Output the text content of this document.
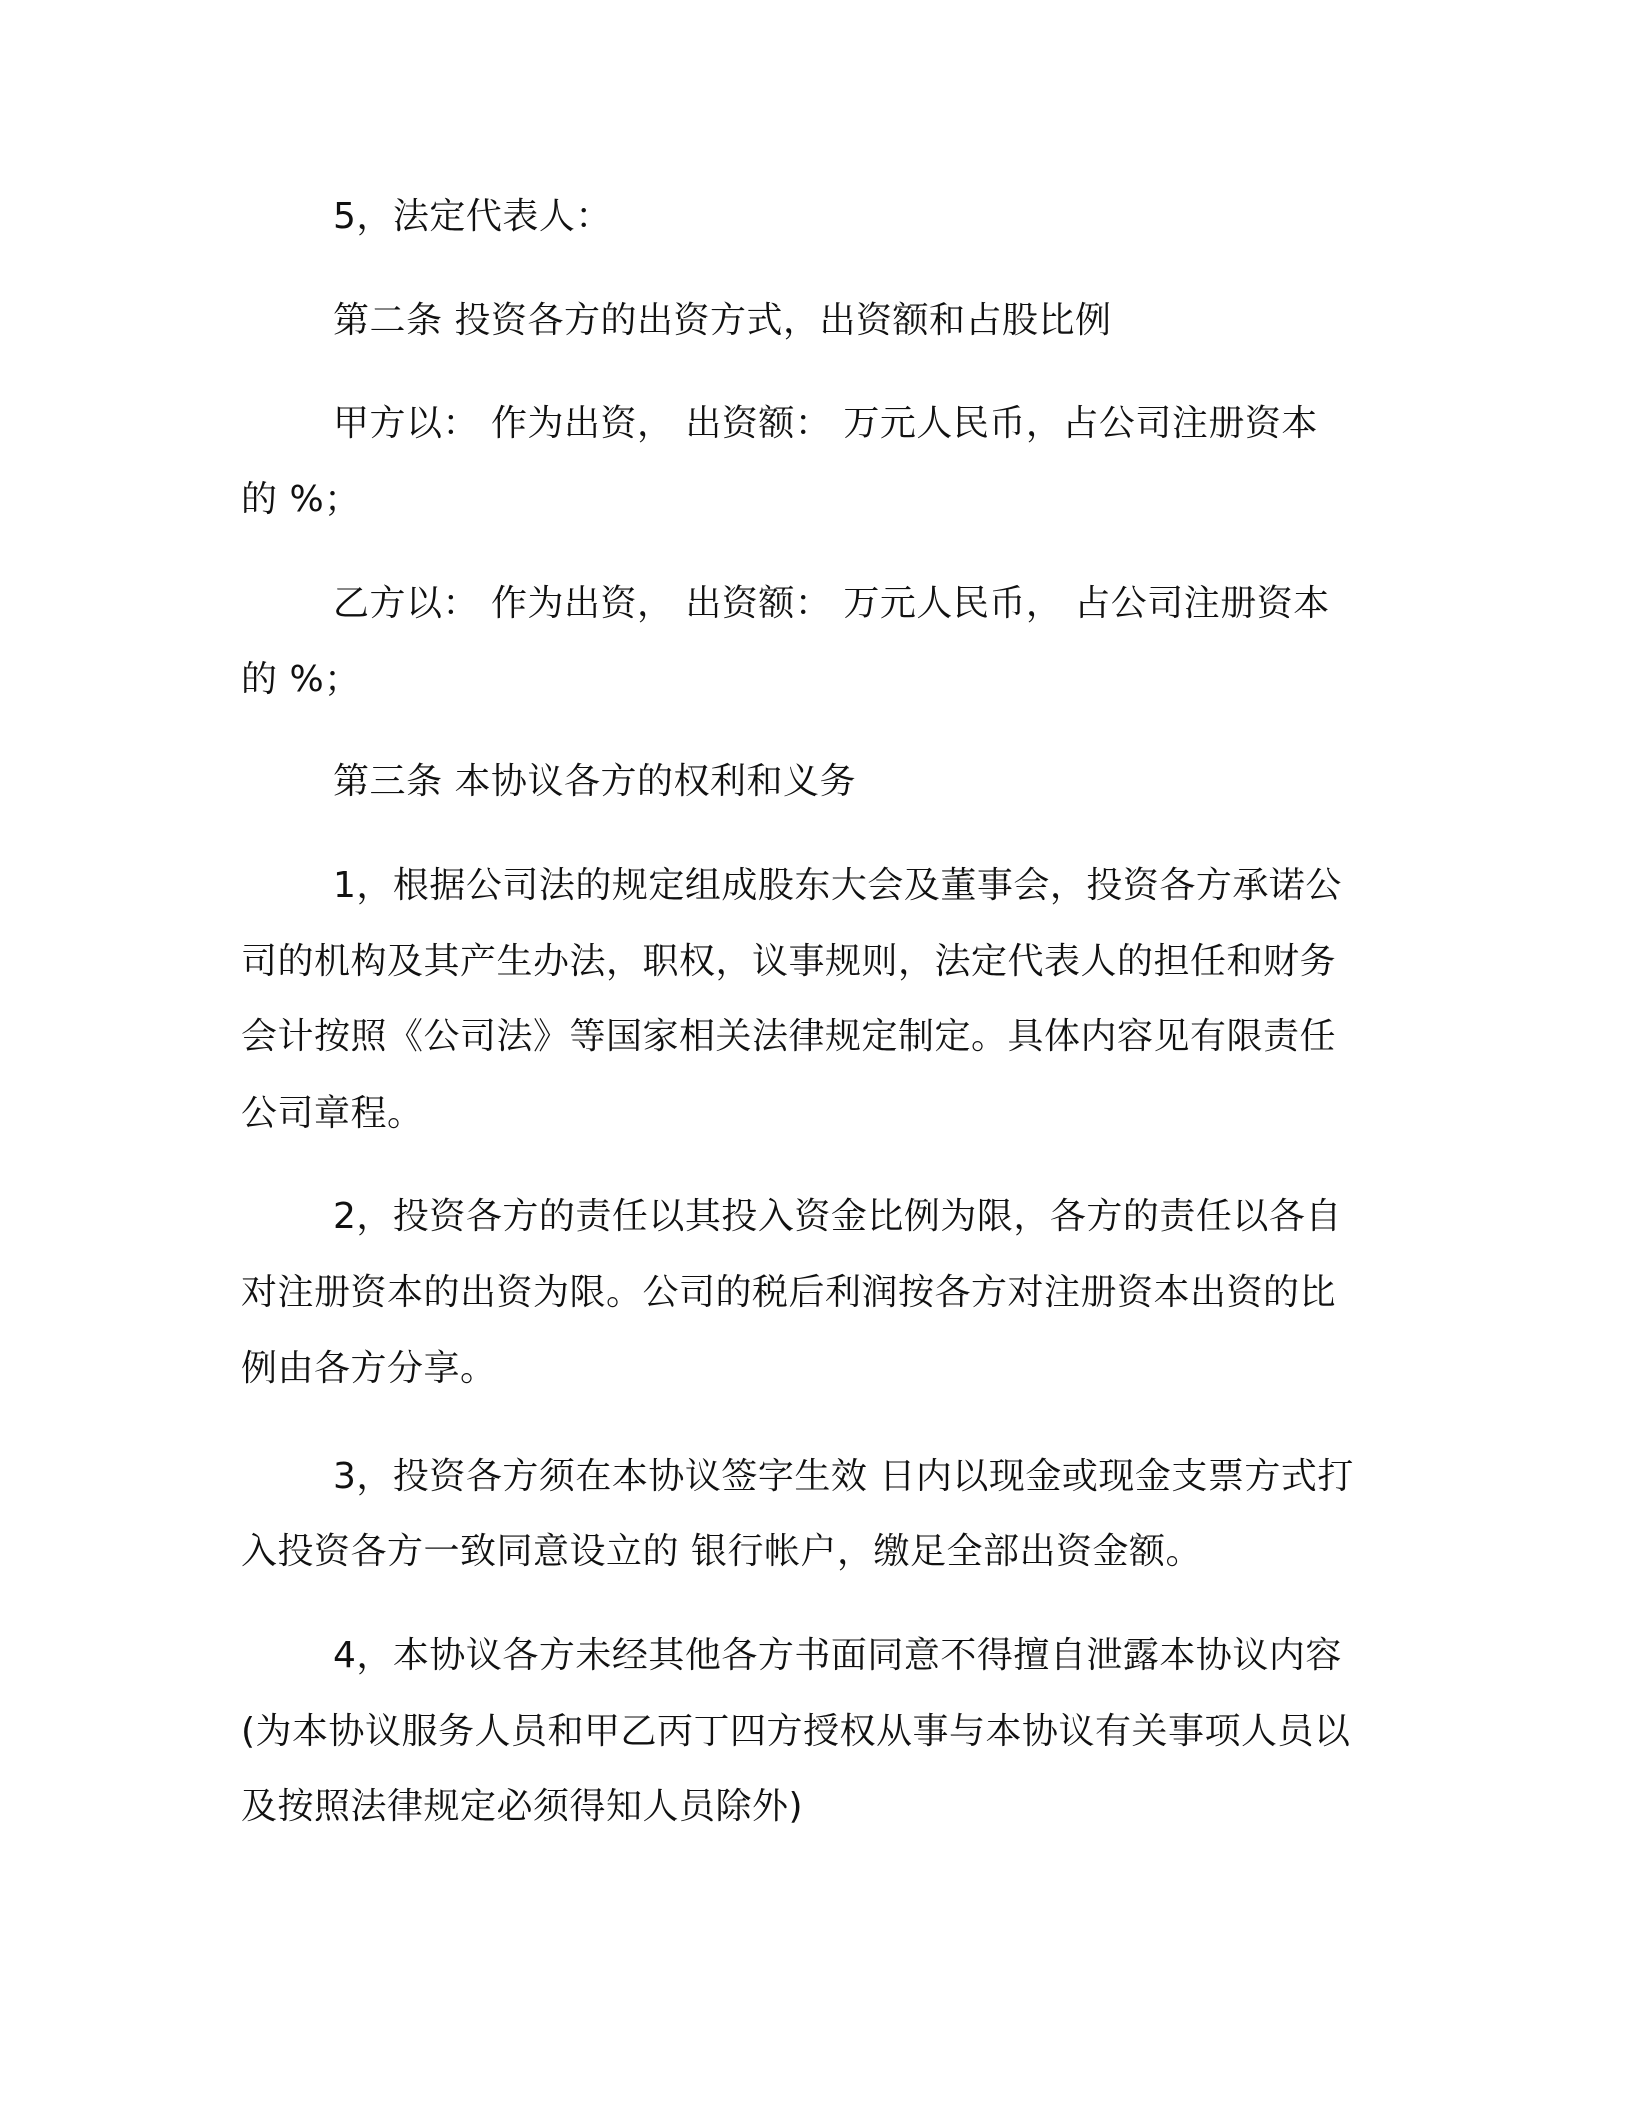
5，法定代表人：

第二条 投资各方的出资方式，出资额和占股比例

甲方以： 作为出资， 出资额： 万元人民币，占公司注册资本

的 %；

乙方以： 作为出资， 出资额： 万元人民币， 占公司注册资本

的 %；

第三条 本协议各方的权利和义务

1，根据公司法的规定组成股东大会及董事会，投资各方承诺公

司的机构及其产生办法，职权，议事规则，法定代表人的担任和财务

会计按照《公司法》等国家相关法律规定制定。具体内容见有限责任

公司章程。

2，投资各方的责任以其投入资金比例为限，各方的责任以各自

对注册资本的出资为限。公司的税后利润按各方对注册资本出资的比

例由各方分享。

3，投资各方须在本协议签字生效 日内以现金或现金支票方式打

入投资各方一致同意设立的 银行帐户，缴足全部出资金额。

4，本协议各方未经其他各方书面同意不得擅自泄露本协议内容

(为本协议服务人员和甲乙丙丁四方授权从事与本协议有关事项人员以

及按照法律规定必须得知人员除外)
